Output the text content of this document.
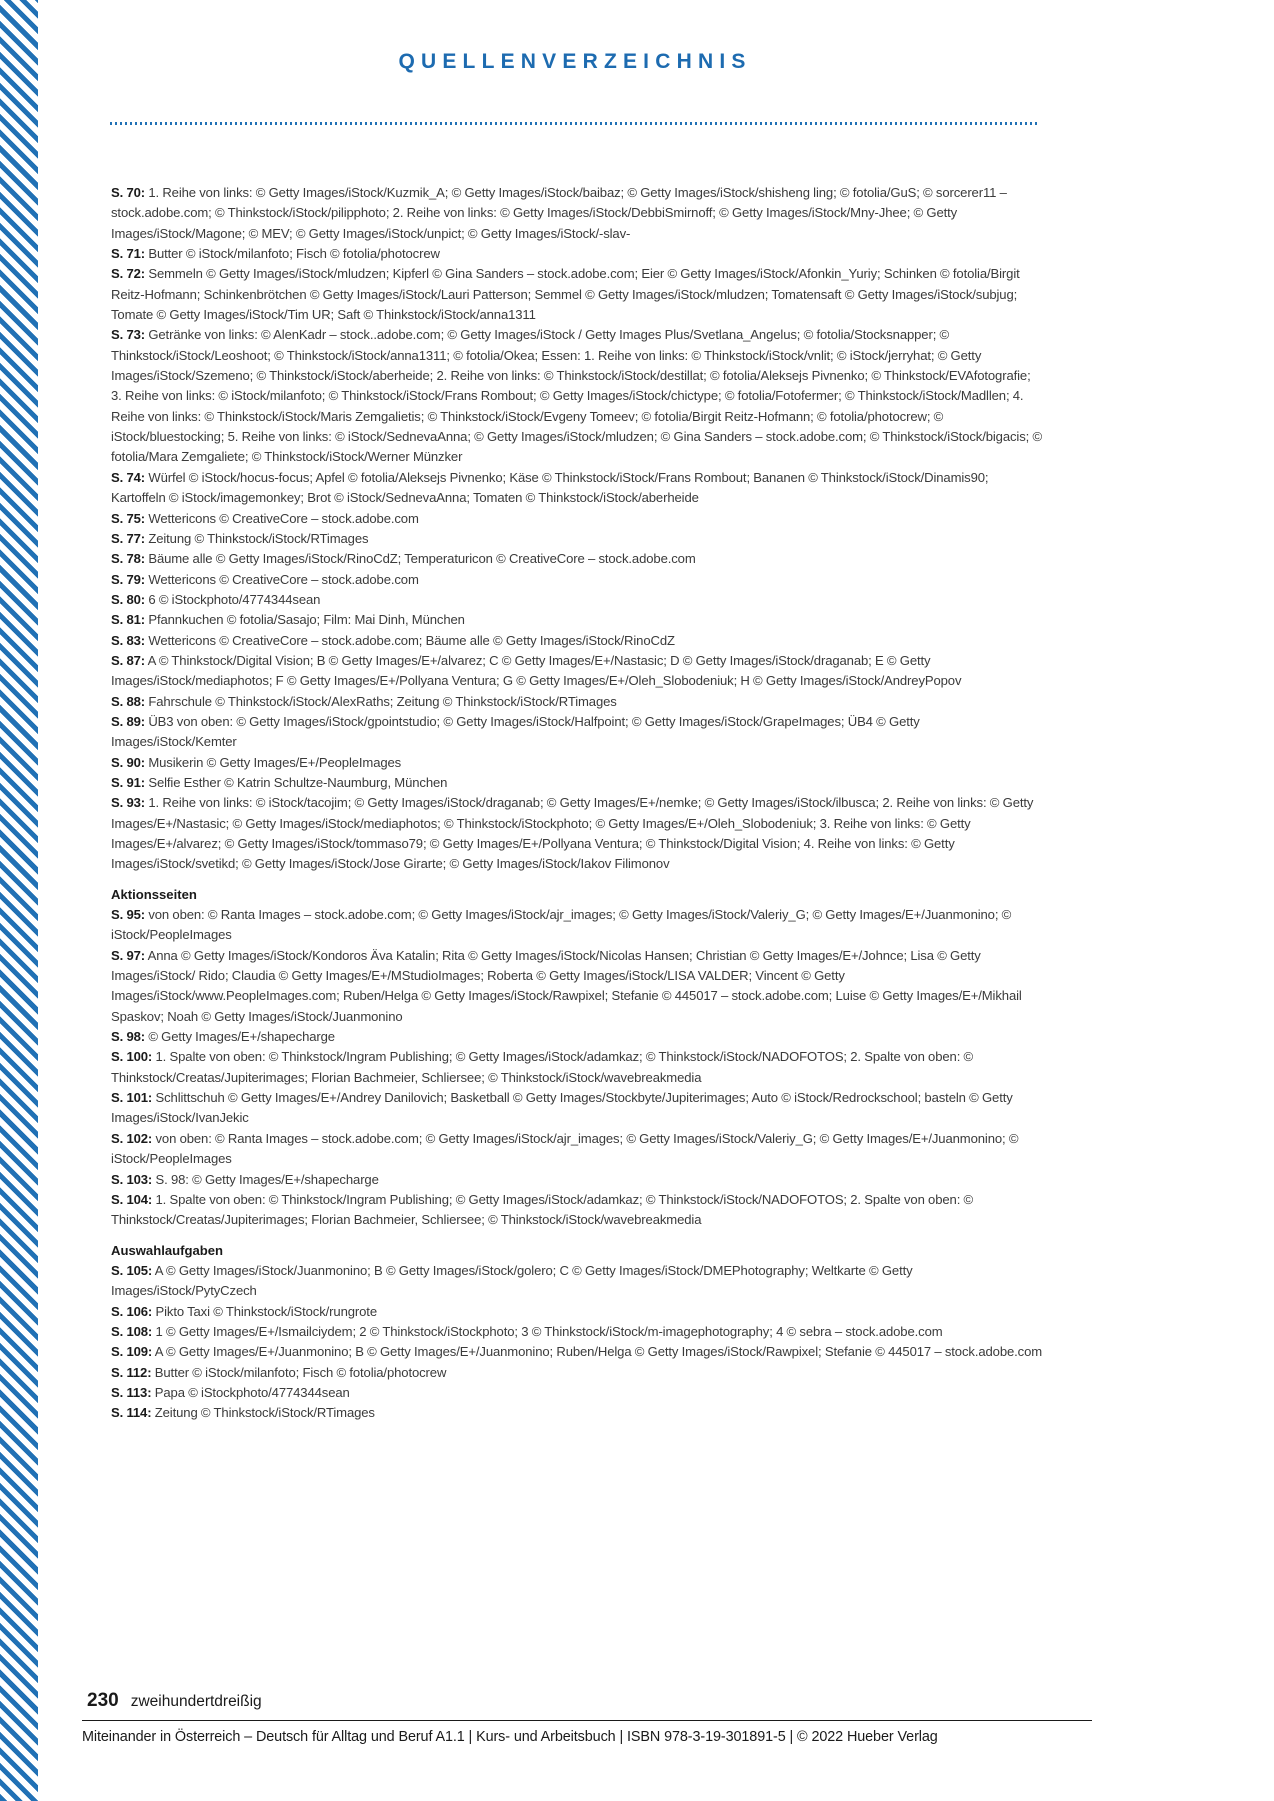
QUELLENVERZEICHNIS

S. 70: 1. Reihe von links: © Getty Images/iStock/Kuzmik_A; © Getty Images/iStock/baibaz; © Getty Images/iStock/shisheng ling; © fotolia/GuS; © sorcerer11 – stock.adobe.com; © Thinkstock/iStock/pilipphoto; 2. Reihe von links: © Getty Images/iStock/DebbiSmirnoff; © Getty Images/iStock/Mny-Jhee; © Getty Images/iStock/Magone; © MEV; © Getty Images/iStock/unpict; © Getty Images/iStock/-slav-

S. 71: Butter © iStock/milanfoto; Fisch © fotolia/photocrew

S. 72: Semmeln © Getty Images/iStock/mludzen; Kipferl © Gina Sanders – stock.adobe.com; Eier © Getty Images/iStock/Afonkin_Yuriy; Schinken © fotolia/Birgit Reitz-Hofmann; Schinkenbrötchen © Getty Images/iStock/Lauri Patterson; Semmel © Getty Images/iStock/mludzen; Tomatensaft © Getty Images/iStock/subjug; Tomate © Getty Images/iStock/Tim UR; Saft © Thinkstock/iStock/anna1311

S. 73: Getränke von links: © AlenKadr – stock..adobe.com; © Getty Images/iStock / Getty Images Plus/Svetlana_Angelus; © fotolia/Stocksnapper; © Thinkstock/iStock/Leoshoot; © Thinkstock/iStock/anna1311; © fotolia/Okea; Essen: 1. Reihe von links: © Thinkstock/iStock/vnlit; © iStock/jerryhat; © Getty Images/iStock/Szemeno; © Thinkstock/iStock/aberheide; 2. Reihe von links: © Thinkstock/iStock/destillat; © fotolia/Aleksejs Pivnenko; © Thinkstock/EVAfotografie; 3. Reihe von links: © iStock/milanfoto; © Thinkstock/iStock/Frans Rombout; © Getty Images/iStock/chictype; © fotolia/Fotofermer; © Thinkstock/iStock/Madllen; 4. Reihe von links: © Thinkstock/iStock/Maris Zemgalietis; © Thinkstock/iStock/Evgeny Tomeev; © fotolia/Birgit Reitz-Hofmann; © fotolia/photocrew; © iStock/bluestocking; 5. Reihe von links: © iStock/SednevaAnna; © Getty Images/iStock/mludzen; © Gina Sanders – stock.adobe.com; © Thinkstock/iStock/bigacis; © fotolia/Mara Zemgaliete; © Thinkstock/iStock/Werner Münzker

S. 74: Würfel © iStock/hocus-focus; Apfel © fotolia/Aleksejs Pivnenko; Käse © Thinkstock/iStock/Frans Rombout; Bananen © Thinkstock/iStock/Dinamis90; Kartoffeln © iStock/imagemonkey; Brot © iStock/SednevaAnna; Tomaten © Thinkstock/iStock/aberheide

S. 75: Wettericons © CreativeCore – stock.adobe.com

S. 77: Zeitung © Thinkstock/iStock/RTimages

S. 78: Bäume alle © Getty Images/iStock/RinoCdZ; Temperaturicon © CreativeCore – stock.adobe.com

S. 79: Wettericons © CreativeCore – stock.adobe.com

S. 80: 6 © iStockphoto/4774344sean

S. 81: Pfannkuchen © fotolia/Sasajo; Film: Mai Dinh, München

S. 83: Wettericons © CreativeCore – stock.adobe.com; Bäume alle © Getty Images/iStock/RinoCdZ

S. 87: A © Thinkstock/Digital Vision; B © Getty Images/E+/alvarez; C © Getty Images/E+/Nastasic; D © Getty Images/iStock/draganab; E © Getty Images/iStock/mediaphotos; F © Getty Images/E+/Pollyana Ventura; G © Getty Images/E+/Oleh_Slobodeniuk; H © Getty Images/iStock/AndreyPopov

S. 88: Fahrschule © Thinkstock/iStock/AlexRaths; Zeitung © Thinkstock/iStock/RTimages

S. 89: ÜB3 von oben: © Getty Images/iStock/gpointstudio; © Getty Images/iStock/Halfpoint; © Getty Images/iStock/GrapeImages; ÜB4 © Getty Images/iStock/Kemter

S. 90: Musikerin © Getty Images/E+/PeopleImages

S. 91: Selfie Esther © Katrin Schultze-Naumburg, München

S. 93: 1. Reihe von links: © iStock/tacojim; © Getty Images/iStock/draganab; © Getty Images/E+/nemke; © Getty Images/iStock/ilbusca; 2. Reihe von links: © Getty Images/E+/Nastasic; © Getty Images/iStock/mediaphotos; © Thinkstock/iStockphoto; © Getty Images/E+/Oleh_Slobodeniuk; 3. Reihe von links: © Getty Images/E+/alvarez; © Getty Images/iStock/tommaso79; © Getty Images/E+/Pollyana Ventura; © Thinkstock/Digital Vision; 4. Reihe von links: © Getty Images/iStock/svetikd; © Getty Images/iStock/Jose Girarte; © Getty Images/iStock/Iakov Filimonov

Aktionsseiten

S. 95: von oben: © Ranta Images – stock.adobe.com; © Getty Images/iStock/ajr_images; © Getty Images/iStock/Valeriy_G; © Getty Images/E+/Juanmonino; © iStock/PeopleImages

S. 97: Anna © Getty Images/iStock/Kondoros Äva Katalin; Rita © Getty Images/iStock/Nicolas Hansen; Christian © Getty Images/E+/Johnce; Lisa © Getty Images/iStock/ Rido; Claudia © Getty Images/E+/MStudioImages; Roberta © Getty Images/iStock/LISA VALDER; Vincent © Getty Images/iStock/www.PeopleImages.com; Ruben/Helga © Getty Images/iStock/Rawpixel; Stefanie © 445017 – stock.adobe.com; Luise © Getty Images/E+/Mikhail Spaskov; Noah © Getty Images/iStock/Juanmonino

S. 98: © Getty Images/E+/shapecharge

S. 100: 1. Spalte von oben: © Thinkstock/Ingram Publishing; © Getty Images/iStock/adamkaz; © Thinkstock/iStock/NADOFOTOS; 2. Spalte von oben: © Thinkstock/Creatas/Jupiterimages; Florian Bachmeier, Schliersee; © Thinkstock/iStock/wavebreakmedia

S. 101: Schlittschuh © Getty Images/E+/Andrey Danilovich; Basketball © Getty Images/Stockbyte/Jupiterimages; Auto © iStock/Redrockschool; basteln © Getty Images/iStock/IvanJekic

S. 102: von oben: © Ranta Images – stock.adobe.com; © Getty Images/iStock/ajr_images; © Getty Images/iStock/Valeriy_G; © Getty Images/E+/Juanmonino; © iStock/PeopleImages

S. 103: S. 98: © Getty Images/E+/shapecharge

S. 104: 1. Spalte von oben: © Thinkstock/Ingram Publishing; © Getty Images/iStock/adamkaz; © Thinkstock/iStock/NADOFOTOS; 2. Spalte von oben: © Thinkstock/Creatas/Jupiterimages; Florian Bachmeier, Schliersee; © Thinkstock/iStock/wavebreakmedia

Auswahlaufgaben

S. 105: A © Getty Images/iStock/Juanmonino; B © Getty Images/iStock/golero; C © Getty Images/iStock/DMEPhotography; Weltkarte © Getty Images/iStock/PytyCzech

S. 106: Pikto Taxi © Thinkstock/iStock/rungrote

S. 108: 1 © Getty Images/E+/Ismailciydem; 2 © Thinkstock/iStockphoto; 3 © Thinkstock/iStock/m-imagephotography; 4 © sebra – stock.adobe.com

S. 109: A © Getty Images/E+/Juanmonino; B © Getty Images/E+/Juanmonino; Ruben/Helga © Getty Images/iStock/Rawpixel; Stefanie © 445017 – stock.adobe.com

S. 112: Butter © iStock/milanfoto; Fisch © fotolia/photocrew

S. 113: Papa © iStockphoto/4774344sean

S. 114: Zeitung © Thinkstock/iStock/RTimages

230 zweihundertdreißig
Miteinander in Österreich – Deutsch für Alltag und Beruf A1.1 | Kurs- und Arbeitsbuch | ISBN 978-3-19-301891-5 | © 2022 Hueber Verlag
